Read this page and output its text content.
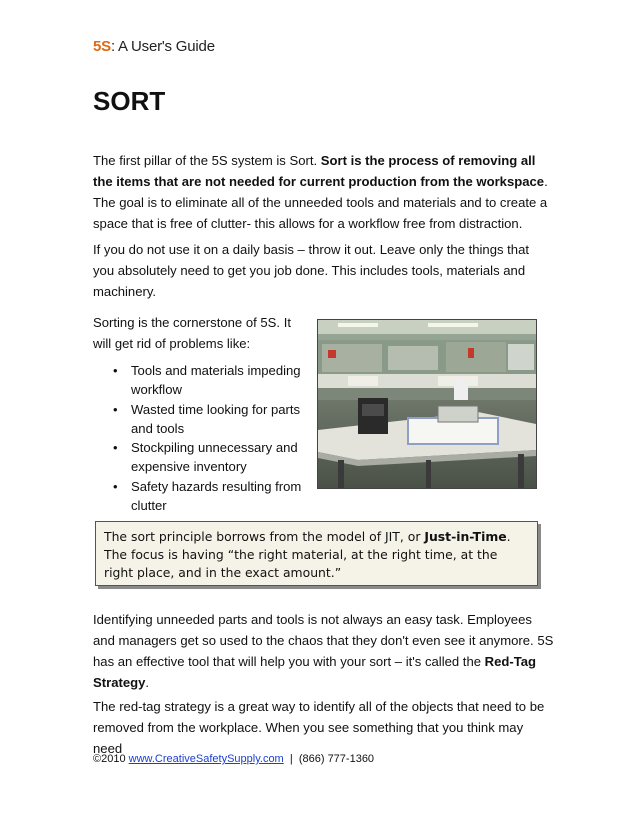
5S: A User's Guide
SORT

The first pillar of the 5S system is Sort. Sort is the process of removing all the items that are not needed for current production from the workspace. The goal is to eliminate all of the unneeded tools and materials and to create a space that is free of clutter- this allows for a workflow free from distraction.

If you do not use it on a daily basis – throw it out. Leave only the things that you absolutely need to get you job done. This includes tools, materials and machinery.

Sorting is the cornerstone of 5S. It will get rid of problems like:

• Tools and materials impeding workflow
• Wasted time looking for parts and tools
• Stockpiling unnecessary and expensive inventory
• Safety hazards resulting from clutter

The sort principle borrows from the model of JIT, or Just-in-Time. The focus is having “the right material, at the right time, at the right place, and in the exact amount.”

Identifying unneeded parts and tools is not always an easy task. Employees and managers get so used to the chaos that they don't even see it anymore. 5S has an effective tool that will help you with your sort – it's called the Red-Tag Strategy.

The red-tag strategy is a great way to identify all of the objects that need to be removed from the workplace. When you see something that you think may need

©2010 www.CreativeSafetySupply.com  |  (866) 777-1360
